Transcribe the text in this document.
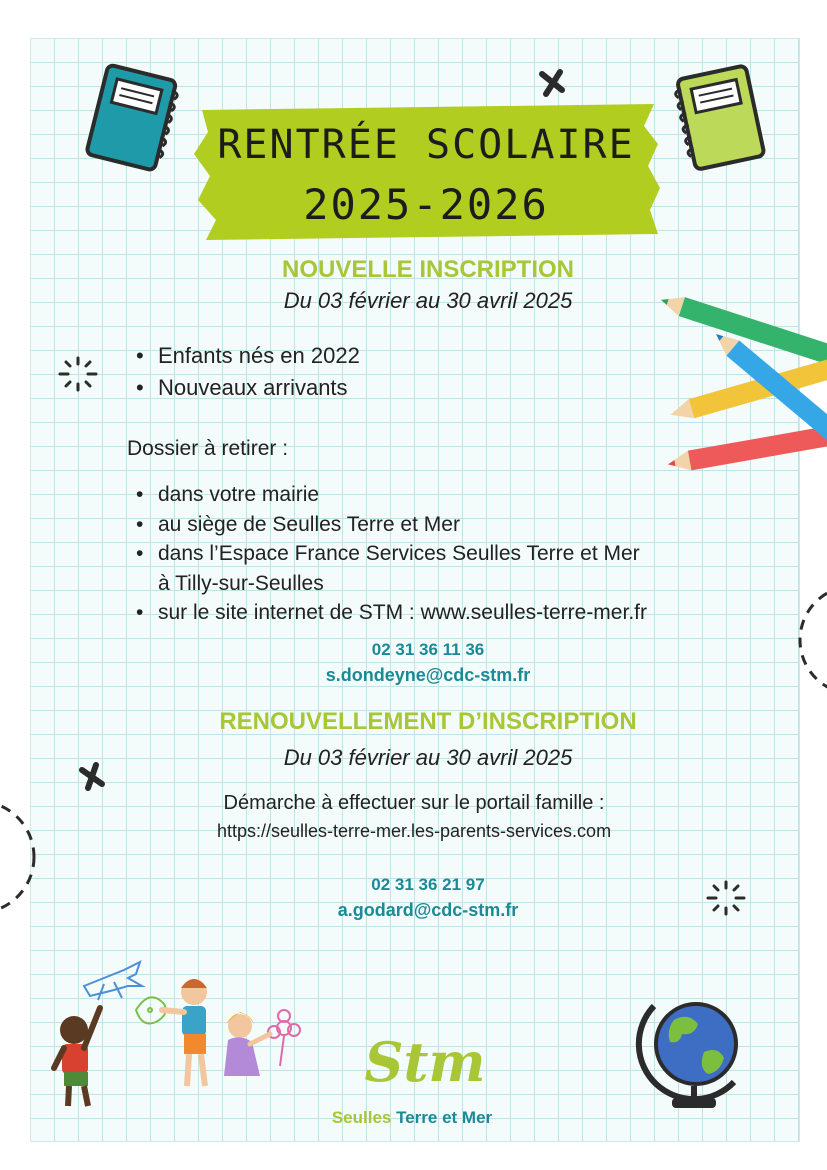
RENTRÉE SCOLAIRE
2025-2026
NOUVELLE INSCRIPTION
Du 03 février au 30 avril 2025
• Enfants nés en 2022
• Nouveaux arrivants
Dossier à retirer :
• dans votre mairie
• au siège de Seulles Terre et Mer
• dans l’Espace France Services Seulles Terre et Mer
à Tilly-sur-Seulles
• sur le site internet de STM : www.seulles-terre-mer.fr
02 31 36 11 36
s.dondeyne@cdc-stm.fr
RENOUVELLEMENT D’INSCRIPTION
Du 03 février au 30 avril 2025
Démarche à effectuer sur le portail famille :
https://seulles-terre-mer.les-parents-services.com
02 31 36 21 97
a.godard@cdc-stm.fr
Stm
Seulles Terre et Mer
